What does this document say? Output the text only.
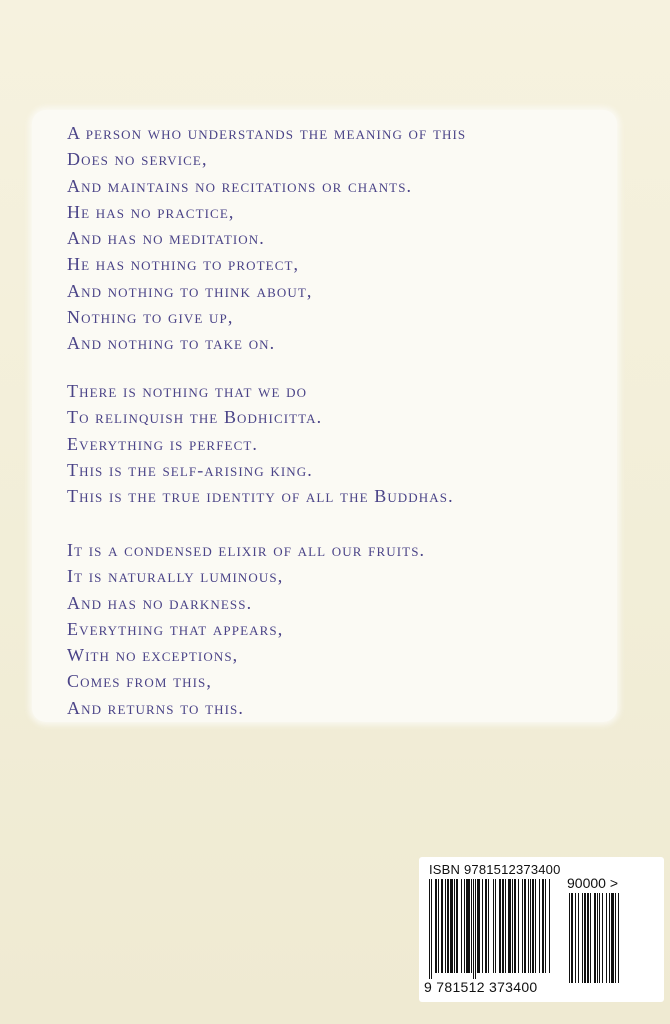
A person who understands the meaning of this
Does no service,
And maintains no recitations or chants.
He has no practice,
And has no meditation.
He has nothing to protect,
And nothing to think about,
Nothing to give up,
And nothing to take on.
There is nothing that we do
To relinquish the Bodhicitta.
Everything is perfect.
This is the self-arising king.
This is the true identity of all the Buddhas.
It is a condensed elixir of all our fruits.
It is naturally luminous,
And has no darkness.
Everything that appears,
With no exceptions,
Comes from this,
And returns to this.
ISBN 9781512373400
90000 >
9 781512 373400
